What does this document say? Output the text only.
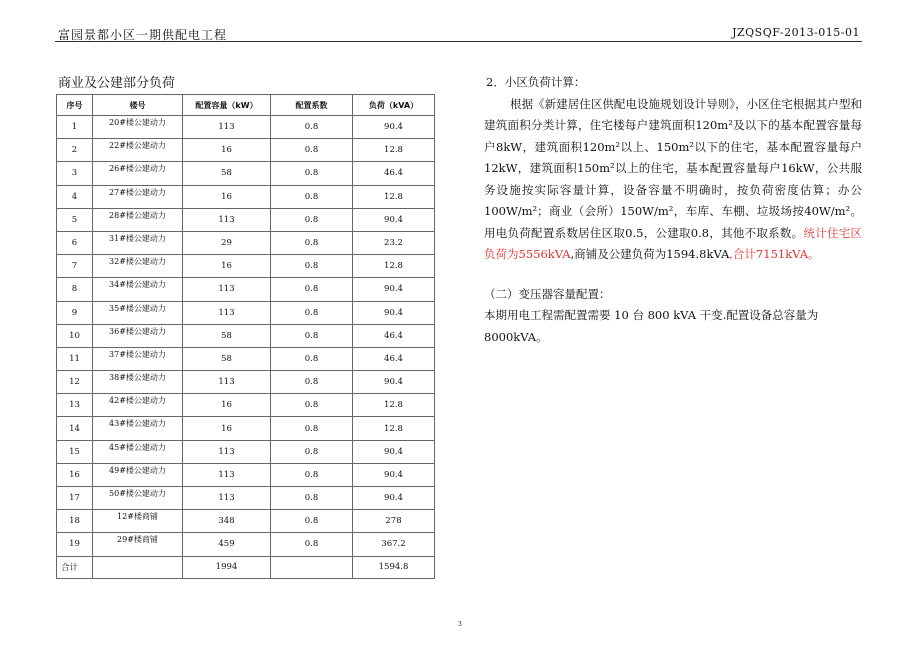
富园景都小区一期供配电工程	JZQSQF-2013-015-01
商业及公建部分负荷
序号	楼号	配置容量（kW）	配置系数	负荷（kVA）
1	20#楼公建动力	113	0.8	90.4
2	22#楼公建动力	16	0.8	12.8
3	26#楼公建动力	58	0.8	46.4
4	27#楼公建动力	16	0.8	12.8
5	28#楼公建动力	113	0.8	90.4
6	31#楼公建动力	29	0.8	23.2
7	32#楼公建动力	16	0.8	12.8
8	34#楼公建动力	113	0.8	90.4
9	35#楼公建动力	113	0.8	90.4
10	36#楼公建动力	58	0.8	46.4
11	37#楼公建动力	58	0.8	46.4
12	38#楼公建动力	113	0.8	90.4
13	42#楼公建动力	16	0.8	12.8
14	43#楼公建动力	16	0.8	12.8
15	45#楼公建动力	113	0.8	90.4
16	49#楼公建动力	113	0.8	90.4
17	50#楼公建动力	113	0.8	90.4
18	12#楼商铺	348	0.8	278
19	29#楼商铺	459	0.8	367.2
合计		1994		1594.8

2．小区负荷计算：

根据《新建居住区供配电设施规划设计导则》，小区住宅根据其户型和建筑面积分类计算，住宅楼每户建筑面积120m²及以下的基本配置容量每户8kW，建筑面积120m²以上、150m²以下的住宅，基本配置容量每户12kW，建筑面积150m²以上的住宅，基本配置容量每户16kW，公共服务设施按实际容量计算，设备容量不明确时，按负荷密度估算；办公100W/m²；商业（会所）150W/m²，车库、车棚、垃圾场按40W/m²。用电负荷配置系数居住区取0.5，公建取0.8，其他不取系数。统计住宅区负荷为5556kVA,商铺及公建负荷为1594.8kVA,合计7151kVA。

（二）变压器容量配置：

本期用电工程需配置需要 10 台 800 kVA 干变.配置设备总容量为8000kVA。

3
